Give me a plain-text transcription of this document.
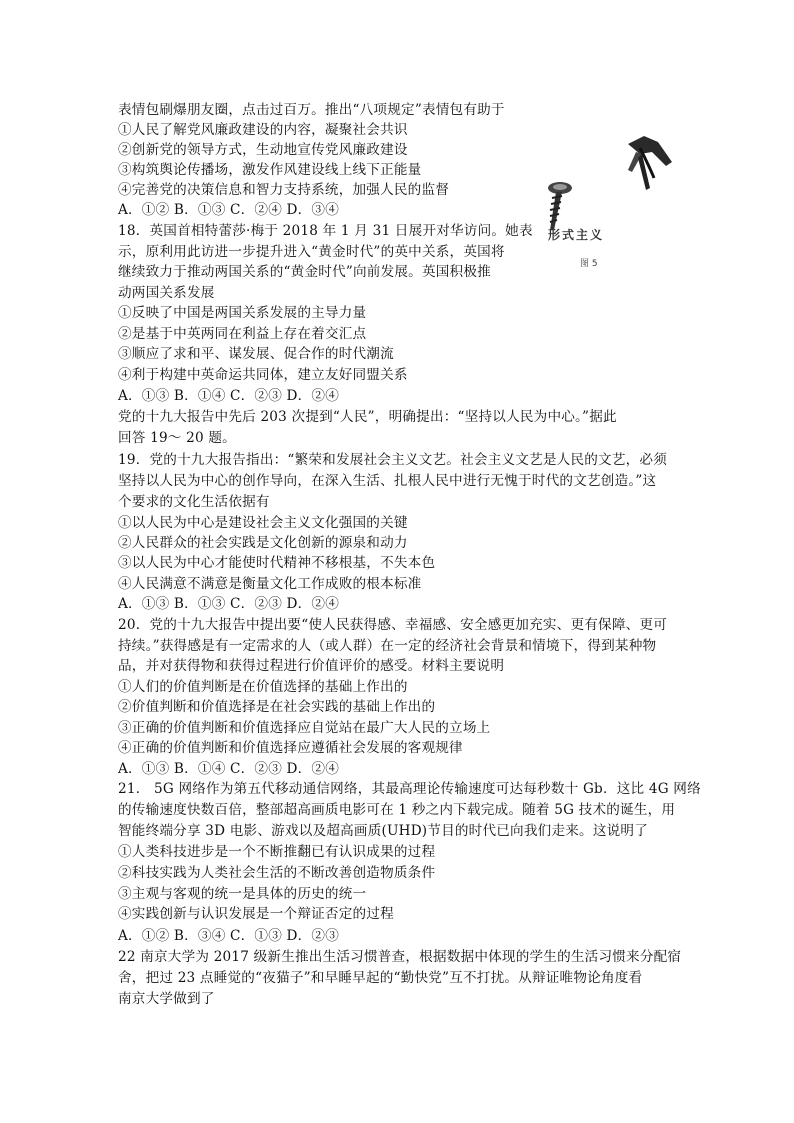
表情包刷爆朋友圈，点击过百万。推出“八项规定”表情包有助于
①人民了解党风廉政建设的内容，凝聚社会共识
②创新党的领导方式，生动地宣传党风廉政建设
③构筑舆论传播场，激发作风建设线上线下正能量
④完善党的决策信息和智力支持系统，加强人民的监督
A．①② B．①③ C．②④ D．③④
18．英国首相特蕾莎·梅于 2018 年 1 月 31 日展开对华访问。她表
示，原利用此访进一步提升进入“黄金时代”的英中关系，英国将
继续致力于推动两国关系的“黄金时代”向前发展。英国积极推
动两国关系发展
①反映了中国是两国关系发展的主导力量
②是基于中英两同在利益上存在着交汇点
③顺应了求和平、谋发展、促合作的时代潮流
④利于构建中英命运共同体，建立友好同盟关系
A．①③ B．①④ C．②③ D．②④
党的十九大报告中先后 203 次提到“人民”，明确提出：“坚持以人民为中心。”据此
回答 19～ 20 题。
19．党的十九大报告指出：“繁荣和发展社会主义文艺。社会主义文艺是人民的文艺，必须
坚持以人民为中心的创作导向，在深入生活、扎根人民中进行无愧于时代的文艺创造。”这
个要求的文化生活依据有
①以人民为中心是建设社会主义文化强国的关键
②人民群众的社会实践是文化创新的源泉和动力
③以人民为中心才能使时代精神不移根基，不失本色
④人民满意不满意是衡量文化工作成败的根本标准
A．①③ B．①③ C．②③ D．②④
20．党的十九大报告中提出要“使人民获得感、幸福感、安全感更加充实、更有保障、更可
持续。”获得感是有一定需求的人（或人群）在一定的经济社会背景和情境下，得到某种物
品，并对获得物和获得过程进行价值评价的感受。材料主要说明
①人们的价值判断是在价值选择的基础上作出的
②价值判断和价值选择是在社会实践的基础上作出的
③正确的价值判断和价值选择应自觉站在最广大人民的立场上
④正确的价值判断和价值选择应遵循社会发展的客观规律
A．①③ B．①④ C．②③ D．②④
21． 5G 网络作为第五代移动通信网络，其最高理论传输速度可达每秒数十 Gb．这比 4G 网络
的传输速度快数百倍，整部超高画质电影可在 1 秒之内下载完成。随着 5G 技术的诞生，用
智能终端分享 3D 电影、游戏以及超高画质(UHD)节目的时代已向我们走来。这说明了
①人类科技进步是一个不断推翻已有认识成果的过程
②科技实践为人类社会生活的不断改善创造物质条件
③主观与客观的统一是具体的历史的统一
④实践创新与认识发展是一个辩证否定的过程
A．①② B．③④ C．①③ D．②③
22 南京大学为 2017 级新生推出生活习惯普查，根据数据中体现的学生的生活习惯来分配宿
舍，把过 23 点睡觉的“夜猫子”和早睡早起的“勤快党”互不打扰。从辩证唯物论角度看
南京大学做到了
形式主义
图 5
